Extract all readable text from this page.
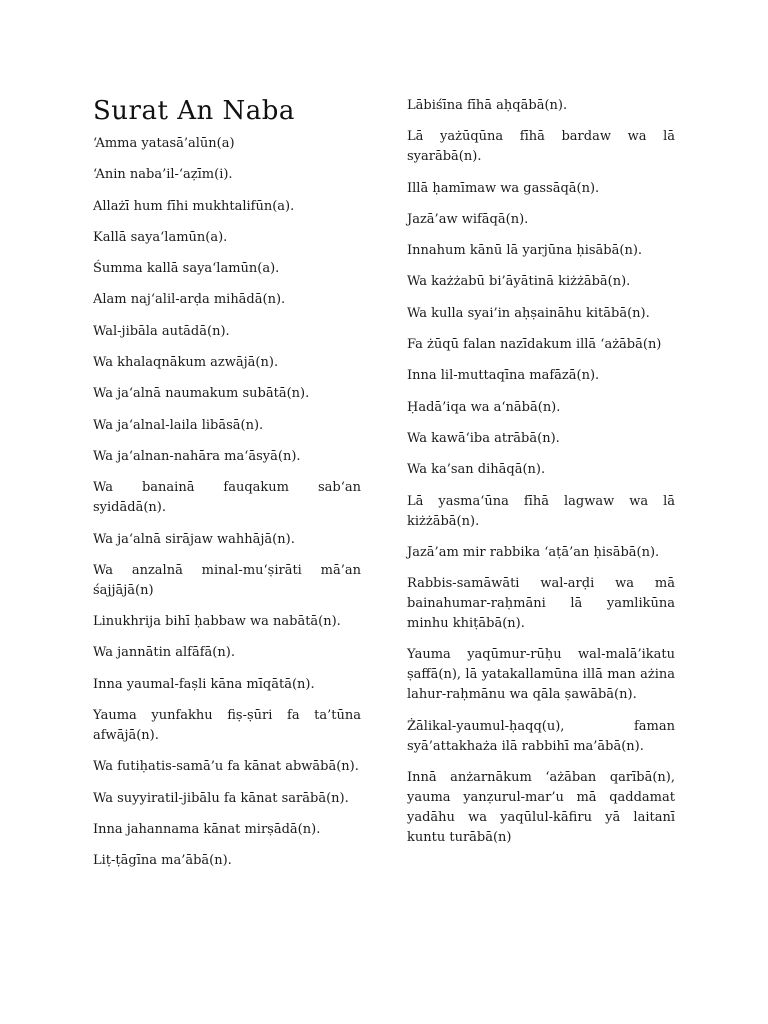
Surat An Naba

‘Amma yatasā’alūn(a)

‘Anin naba’il-‘aẓīm(i).

Allażī hum fīhi mukhtalifūn(a).

Kallā saya‘lamūn(a).

Śumma kallā saya‘lamūn(a).

Alam naj‘alil-arḍa mihādā(n).

Wal-jibāla autādā(n).

Wa khalaqnākum azwājā(n).

Wa ja‘alnā naumakum subātā(n).

Wa ja‘alnal-laila libāsā(n).

Wa ja‘alnan-nahāra ma‘āsyā(n).

Wa banainā fauqakum sab‘an syidādā(n).

Wa ja‘alnā sirājaw wahhājā(n).

Wa anzalnā minal-mu‘ṣirāti mā’an śajjājā(n)

Linukhrija bihī ḥabbaw wa nabātā(n).

Wa jannātin alfāfā(n).

Inna yaumal-faṣli kāna mīqātā(n).

Yauma yunfakhu fiṣ-ṣūri fa ta’tūna afwājā(n).

Wa futiḥatis-samā’u fa kānat abwābā(n).

Wa suyyiratil-jibālu fa kānat sarābā(n).

Inna jahannama kānat mirṣādā(n).

Liṭ-ṭāgīna ma’ābā(n).

Lābiśīna fīhā aḥqābā(n).

Lā yażūqūna fīhā bardaw wa lā syarābā(n).

Illā ḥamīmaw wa gassāqā(n).

Jazā’aw wifāqā(n).

Innahum kānū lā yarjūna ḥisābā(n).

Wa każżabū bi’āyātinā kiżżābā(n).

Wa kulla syai’in aḥṣaināhu kitābā(n).

Fa żūqū falan nazīdakum illā ‘ażābā(n)

Inna lil-muttaqīna mafāzā(n).

Ḥadā’iqa wa a‘nābā(n).

Wa kawā‘iba atrābā(n).

Wa ka’san dihāqā(n).

Lā yasma‘ūna fīhā lagwaw wa lā kiżżābā(n).

Jazā’am mir rabbika ‘aṭā’an ḥisābā(n).

Rabbis-samāwāti wal-arḍi wa mā bainahumar-raḥmāni lā yamlikūna minhu khiṭābā(n).

Yauma yaqūmur-rūḥu wal-malā’ikatu ṣaffā(n), lā yatakallamūna illā man ażina lahur-raḥmānu wa qāla ṣawābā(n).

Żālikal-yaumul-ḥaqq(u), faman syā’attakhaża ilā rabbihī ma’ābā(n).

Innā anżarnākum ‘ażāban qarībā(n), yauma yanẓurul-mar’u mā qaddamat yadāhu wa yaqūlul-kāfiru yā laitanī kuntu turābā(n)
